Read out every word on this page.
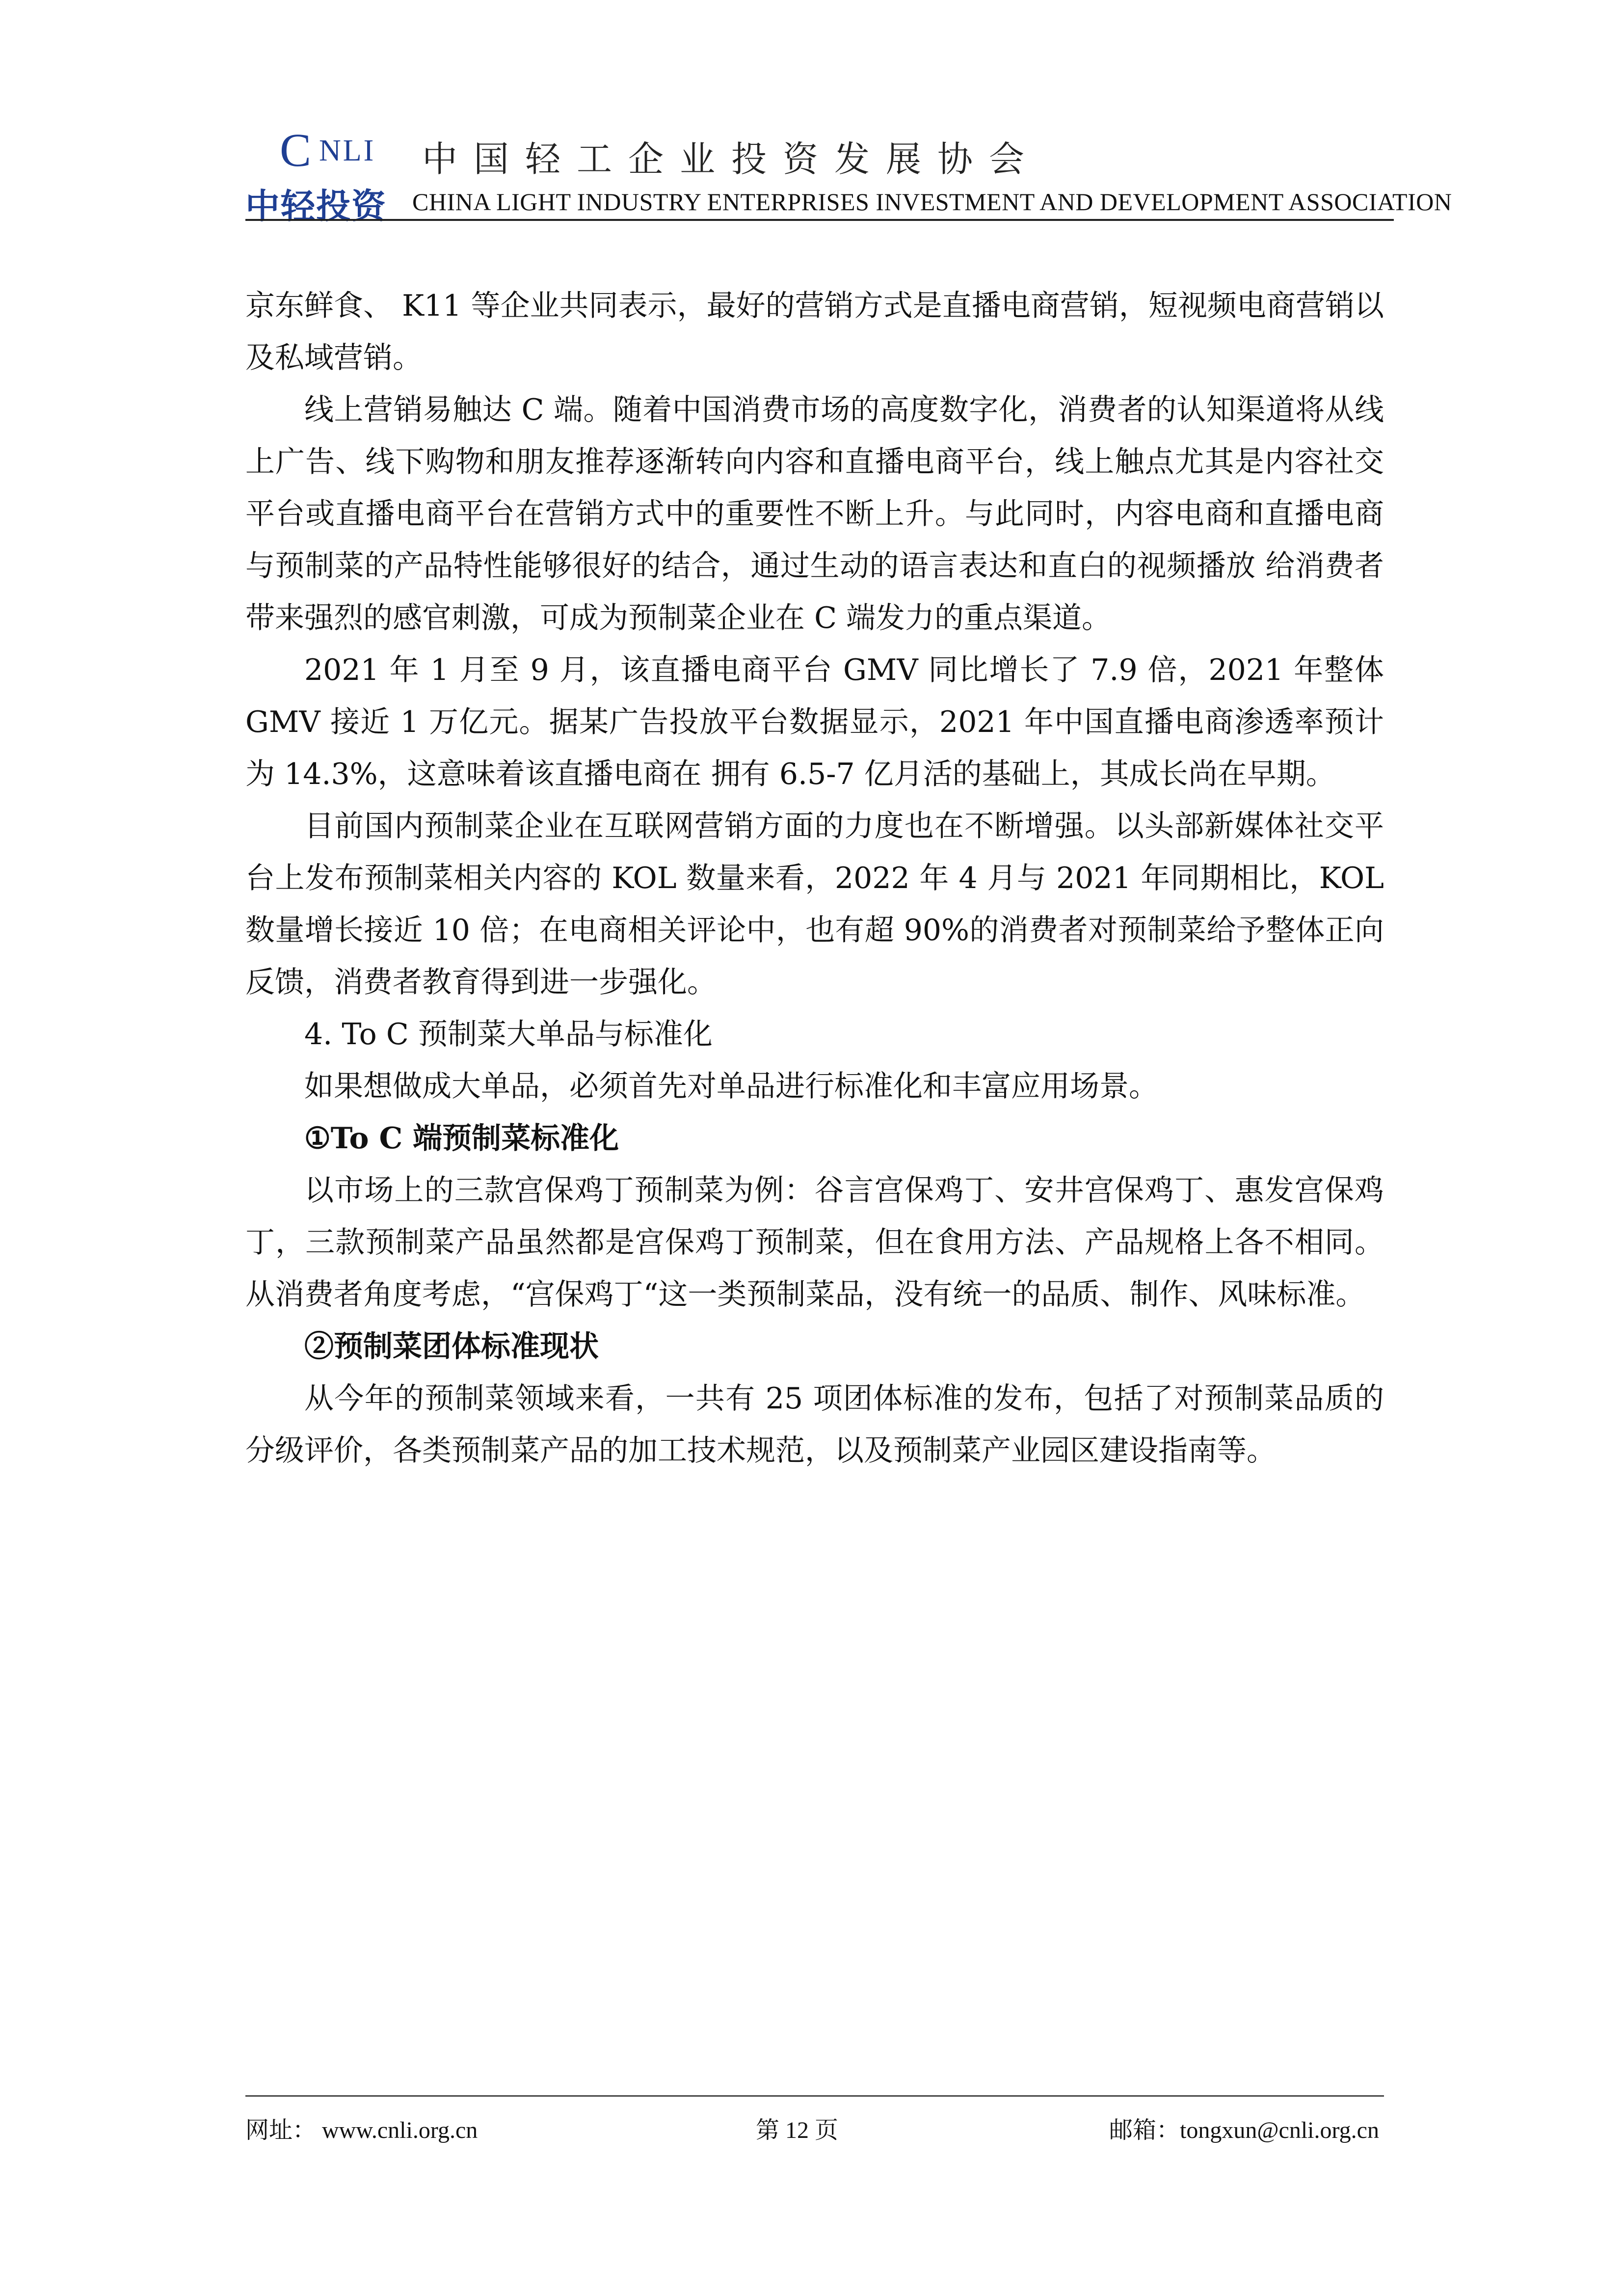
C NLI
中轻投资
中国轻工企业投资发展协会
CHINA LIGHT INDUSTRY ENTERPRISES INVESTMENT AND DEVELOPMENT ASSOCIATION

京东鲜食、 K11 等企业共同表示，最好的营销方式是直播电商营销，短视频电商营销以及私域营销。

线上营销易触达 C 端。随着中国消费市场的高度数字化，消费者的认知渠道将从线上广告、线下购物和朋友推荐逐渐转向内容和直播电商平台，线上触点尤其是内容社交平台或直播电商平台在营销方式中的重要性不断上升。与此同时，内容电商和直播电商与预制菜的产品特性能够很好的结合，通过生动的语言表达和直白的视频播放 给消费者带来强烈的感官刺激，可成为预制菜企业在 C 端发力的重点渠道。

2021 年 1 月至 9 月，该直播电商平台 GMV 同比增长了 7.9 倍，2021 年整体 GMV 接近 1 万亿元。据某广告投放平台数据显示，2021 年中国直播电商渗透率预计为 14.3%，这意味着该直播电商在 拥有 6.5-7 亿月活的基础上，其成长尚在早期。

目前国内预制菜企业在互联网营销方面的力度也在不断增强。以头部新媒体社交平台上发布预制菜相关内容的 KOL 数量来看，2022 年 4 月与 2021 年同期相比，KOL 数量增长接近 10 倍；在电商相关评论中，也有超 90%的消费者对预制菜给予整体正向反馈，消费者教育得到进一步强化。

4. To C 预制菜大单品与标准化

如果想做成大单品，必须首先对单品进行标准化和丰富应用场景。

①To C 端预制菜标准化

以市场上的三款宫保鸡丁预制菜为例：谷言宫保鸡丁、安井宫保鸡丁、惠发宫保鸡丁，三款预制菜产品虽然都是宫保鸡丁预制菜，但在食用方法、产品规格上各不相同。从消费者角度考虑，“宫保鸡丁“这一类预制菜品，没有统一的品质、制作、风味标准。

②预制菜团体标准现状

从今年的预制菜领域来看，一共有 25 项团体标准的发布，包括了对预制菜品质的分级评价，各类预制菜产品的加工技术规范，以及预制菜产业园区建设指南等。

网址： www.cnli.org.cn	第 12 页	邮箱：tongxun@cnli.org.cn
